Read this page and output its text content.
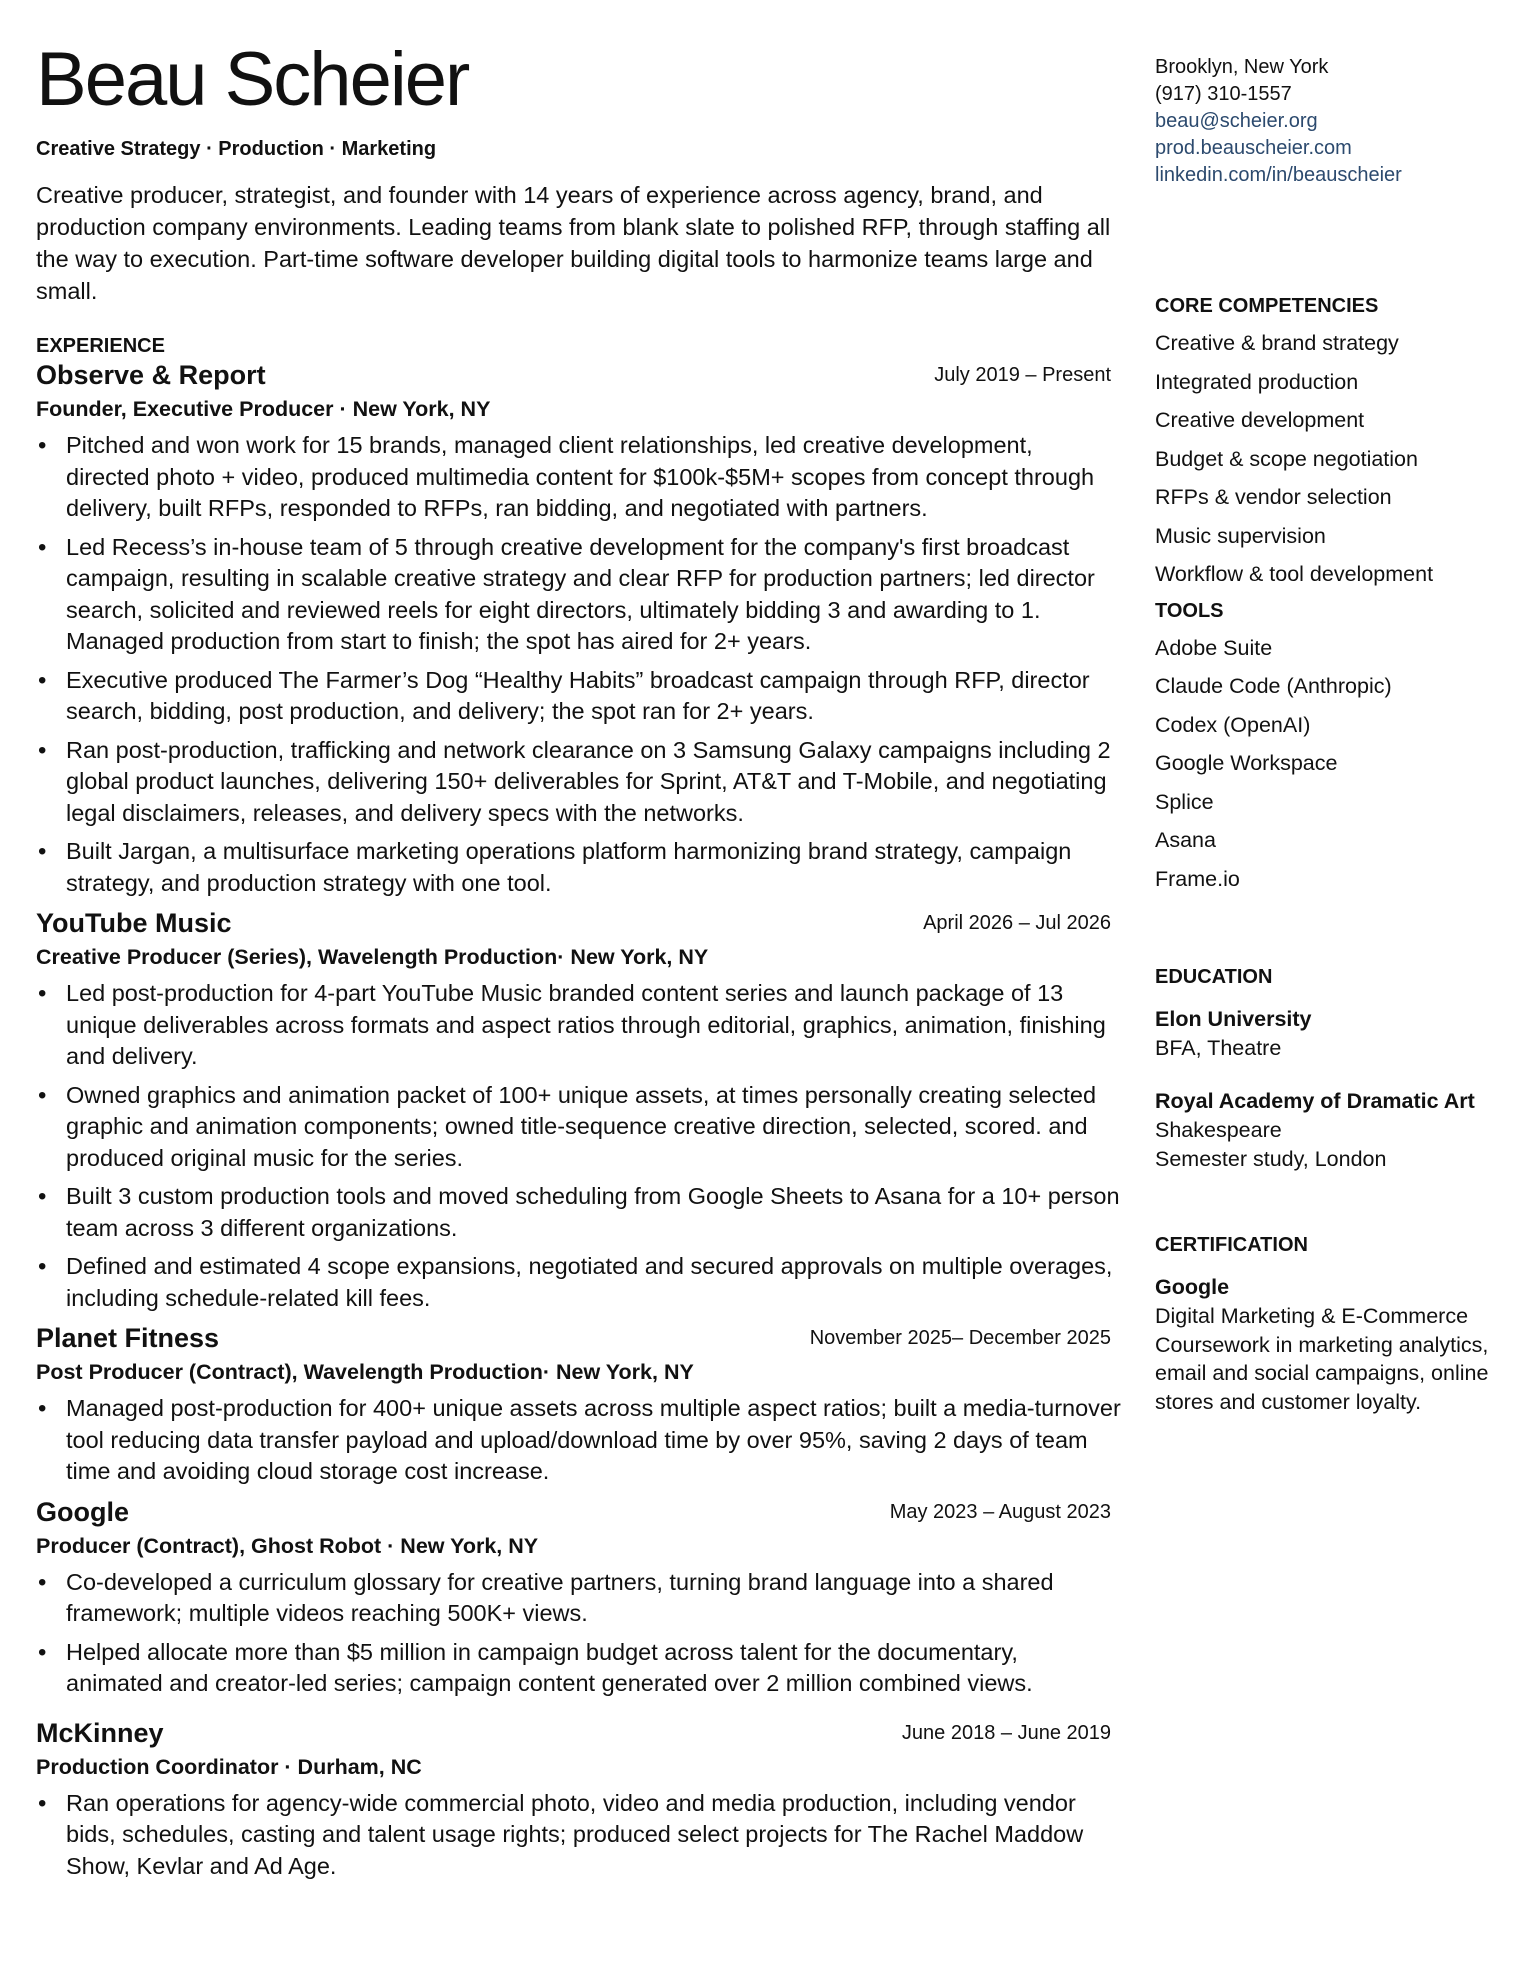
Beau Scheier
Creative Strategy · Production · Marketing
Creative producer, strategist, and founder with 14 years of experience across agency, brand, and production company environments. Leading teams from blank slate to polished RFP, through staffing all the way to execution. Part-time software developer building digital tools to harmonize teams large and small.
EXPERIENCE
Observe & Report	July 2019 – Present
Founder, Executive Producer · New York, NY
• Pitched and won work for 15 brands, managed client relationships, led creative development, directed photo + video, produced multimedia content for $100k-$5M+ scopes from concept through delivery, built RFPs, responded to RFPs, ran bidding, and negotiated with partners.
• Led Recess’s in-house team of 5 through creative development for the company's first broadcast campaign, resulting in scalable creative strategy and clear RFP for production partners; led director search, solicited and reviewed reels for eight directors, ultimately bidding 3 and awarding to 1. Managed production from start to finish; the spot has aired for 2+ years.
• Executive produced The Farmer’s Dog “Healthy Habits” broadcast campaign through RFP, director search, bidding, post production, and delivery; the spot ran for 2+ years.
• Ran post-production, trafficking and network clearance on 3 Samsung Galaxy campaigns including 2 global product launches, delivering 150+ deliverables for Sprint, AT&T and T-Mobile, and negotiating legal disclaimers, releases, and delivery specs with the networks.
• Built Jargan, a multisurface marketing operations platform harmonizing brand strategy, campaign strategy, and production strategy with one tool.
YouTube Music	April 2026 – Jul 2026
Creative Producer (Series), Wavelength Production· New York, NY
• Led post-production for 4-part YouTube Music branded content series and launch package of 13 unique deliverables across formats and aspect ratios through editorial, graphics, animation, finishing and delivery.
• Owned graphics and animation packet of 100+ unique assets, at times personally creating selected graphic and animation components; owned title-sequence creative direction, selected, scored. and produced original music for the series.
• Built 3 custom production tools and moved scheduling from Google Sheets to Asana for a 10+ person team across 3 different organizations.
• Defined and estimated 4 scope expansions, negotiated and secured approvals on multiple overages, including schedule-related kill fees.
Planet Fitness	November 2025– December 2025
Post Producer (Contract), Wavelength Production· New York, NY
• Managed post-production for 400+ unique assets across multiple aspect ratios; built a media-turnover tool reducing data transfer payload and upload/download time by over 95%, saving 2 days of team time and avoiding cloud storage cost increase.
Google	May 2023 – August 2023
Producer (Contract), Ghost Robot · New York, NY
• Co-developed a curriculum glossary for creative partners, turning brand language into a shared framework; multiple videos reaching 500K+ views.
• Helped allocate more than $5 million in campaign budget across talent for the documentary, animated and creator-led series; campaign content generated over 2 million combined views.
McKinney	June 2018 – June 2019
Production Coordinator · Durham, NC
• Ran operations for agency-wide commercial photo, video and media production, including vendor bids, schedules, casting and talent usage rights; produced select projects for The Rachel Maddow Show, Kevlar and Ad Age.
Brooklyn, New York
(917) 310-1557
beau@scheier.org
prod.beauscheier.com
linkedin.com/in/beauscheier
CORE COMPETENCIES
Creative & brand strategy
Integrated production
Creative development
Budget & scope negotiation
RFPs & vendor selection
Music supervision
Workflow & tool development
TOOLS
Adobe Suite
Claude Code (Anthropic)
Codex (OpenAI)
Google Workspace
Splice
Asana
Frame.io
EDUCATION
Elon University
BFA, Theatre
Royal Academy of Dramatic Art
Shakespeare
Semester study, London
CERTIFICATION
Google
Digital Marketing & E-Commerce Coursework in marketing analytics, email and social campaigns, online stores and customer loyalty.
